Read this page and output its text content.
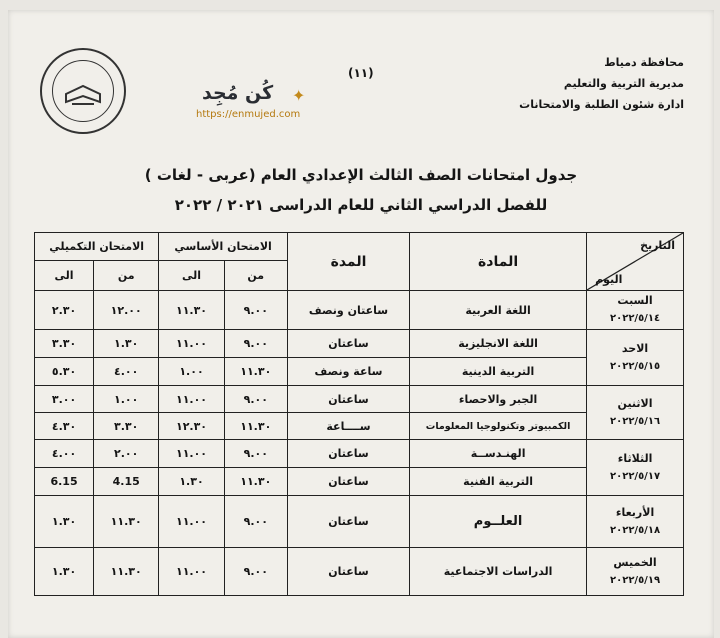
محافظة دمياط
مديرية التربية والتعليم
ادارة شئون الطلبة والامتحانات
(١١)
كُن مُجِد ✦
https://enmujed.com
جدول امتحانات الصف الثالث الإعدادي العام (عربى - لغات )
للفصل الدراسي الثاني للعام الدراسى ٢٠٢١ / ٢٠٢٢
التاريخ
اليوم	المادة	المدة	الامتحان الأساسي		الامتحان التكميلي	
			من	الى	من	الى

السبت
٢٠٢٢/٥/١٤	اللغة العربية	ساعتان ونصف	٩.٠٠	١١.٣٠	١٢.٠٠	٢.٣٠

الاحد
٢٠٢٢/٥/١٥	اللغة الانجليزية	ساعتان	٩.٠٠	١١.٠٠	١.٣٠	٣.٣٠
	التربية الدينية	ساعة ونصف	١١.٣٠	١.٠٠	٤.٠٠	٥.٣٠

الاثنين
٢٠٢٢/٥/١٦	الجبر والاحصاء	ساعتان	٩.٠٠	١١.٠٠	١.٠٠	٣.٠٠
	الكمبيوتر وتكنولوجيا المعلومات	ســــاعة	١١.٣٠	١٢.٣٠	٣.٣٠	٤.٣٠

الثلاثاء
٢٠٢٢/٥/١٧	الهنـدســة	ساعتان	٩.٠٠	١١.٠٠	٢.٠٠	٤.٠٠
	التربية الفنية	ساعتان	١١.٣٠	١.٣٠	4.15	6.15

الأربعاء
٢٠٢٢/٥/١٨	العلــوم	ساعتان	٩.٠٠	١١.٠٠	١١.٣٠	١.٣٠

الخميس
٢٠٢٢/٥/١٩	الدراسات الاجتماعية	ساعتان	٩.٠٠	١١.٠٠	١١.٣٠	١.٣٠
